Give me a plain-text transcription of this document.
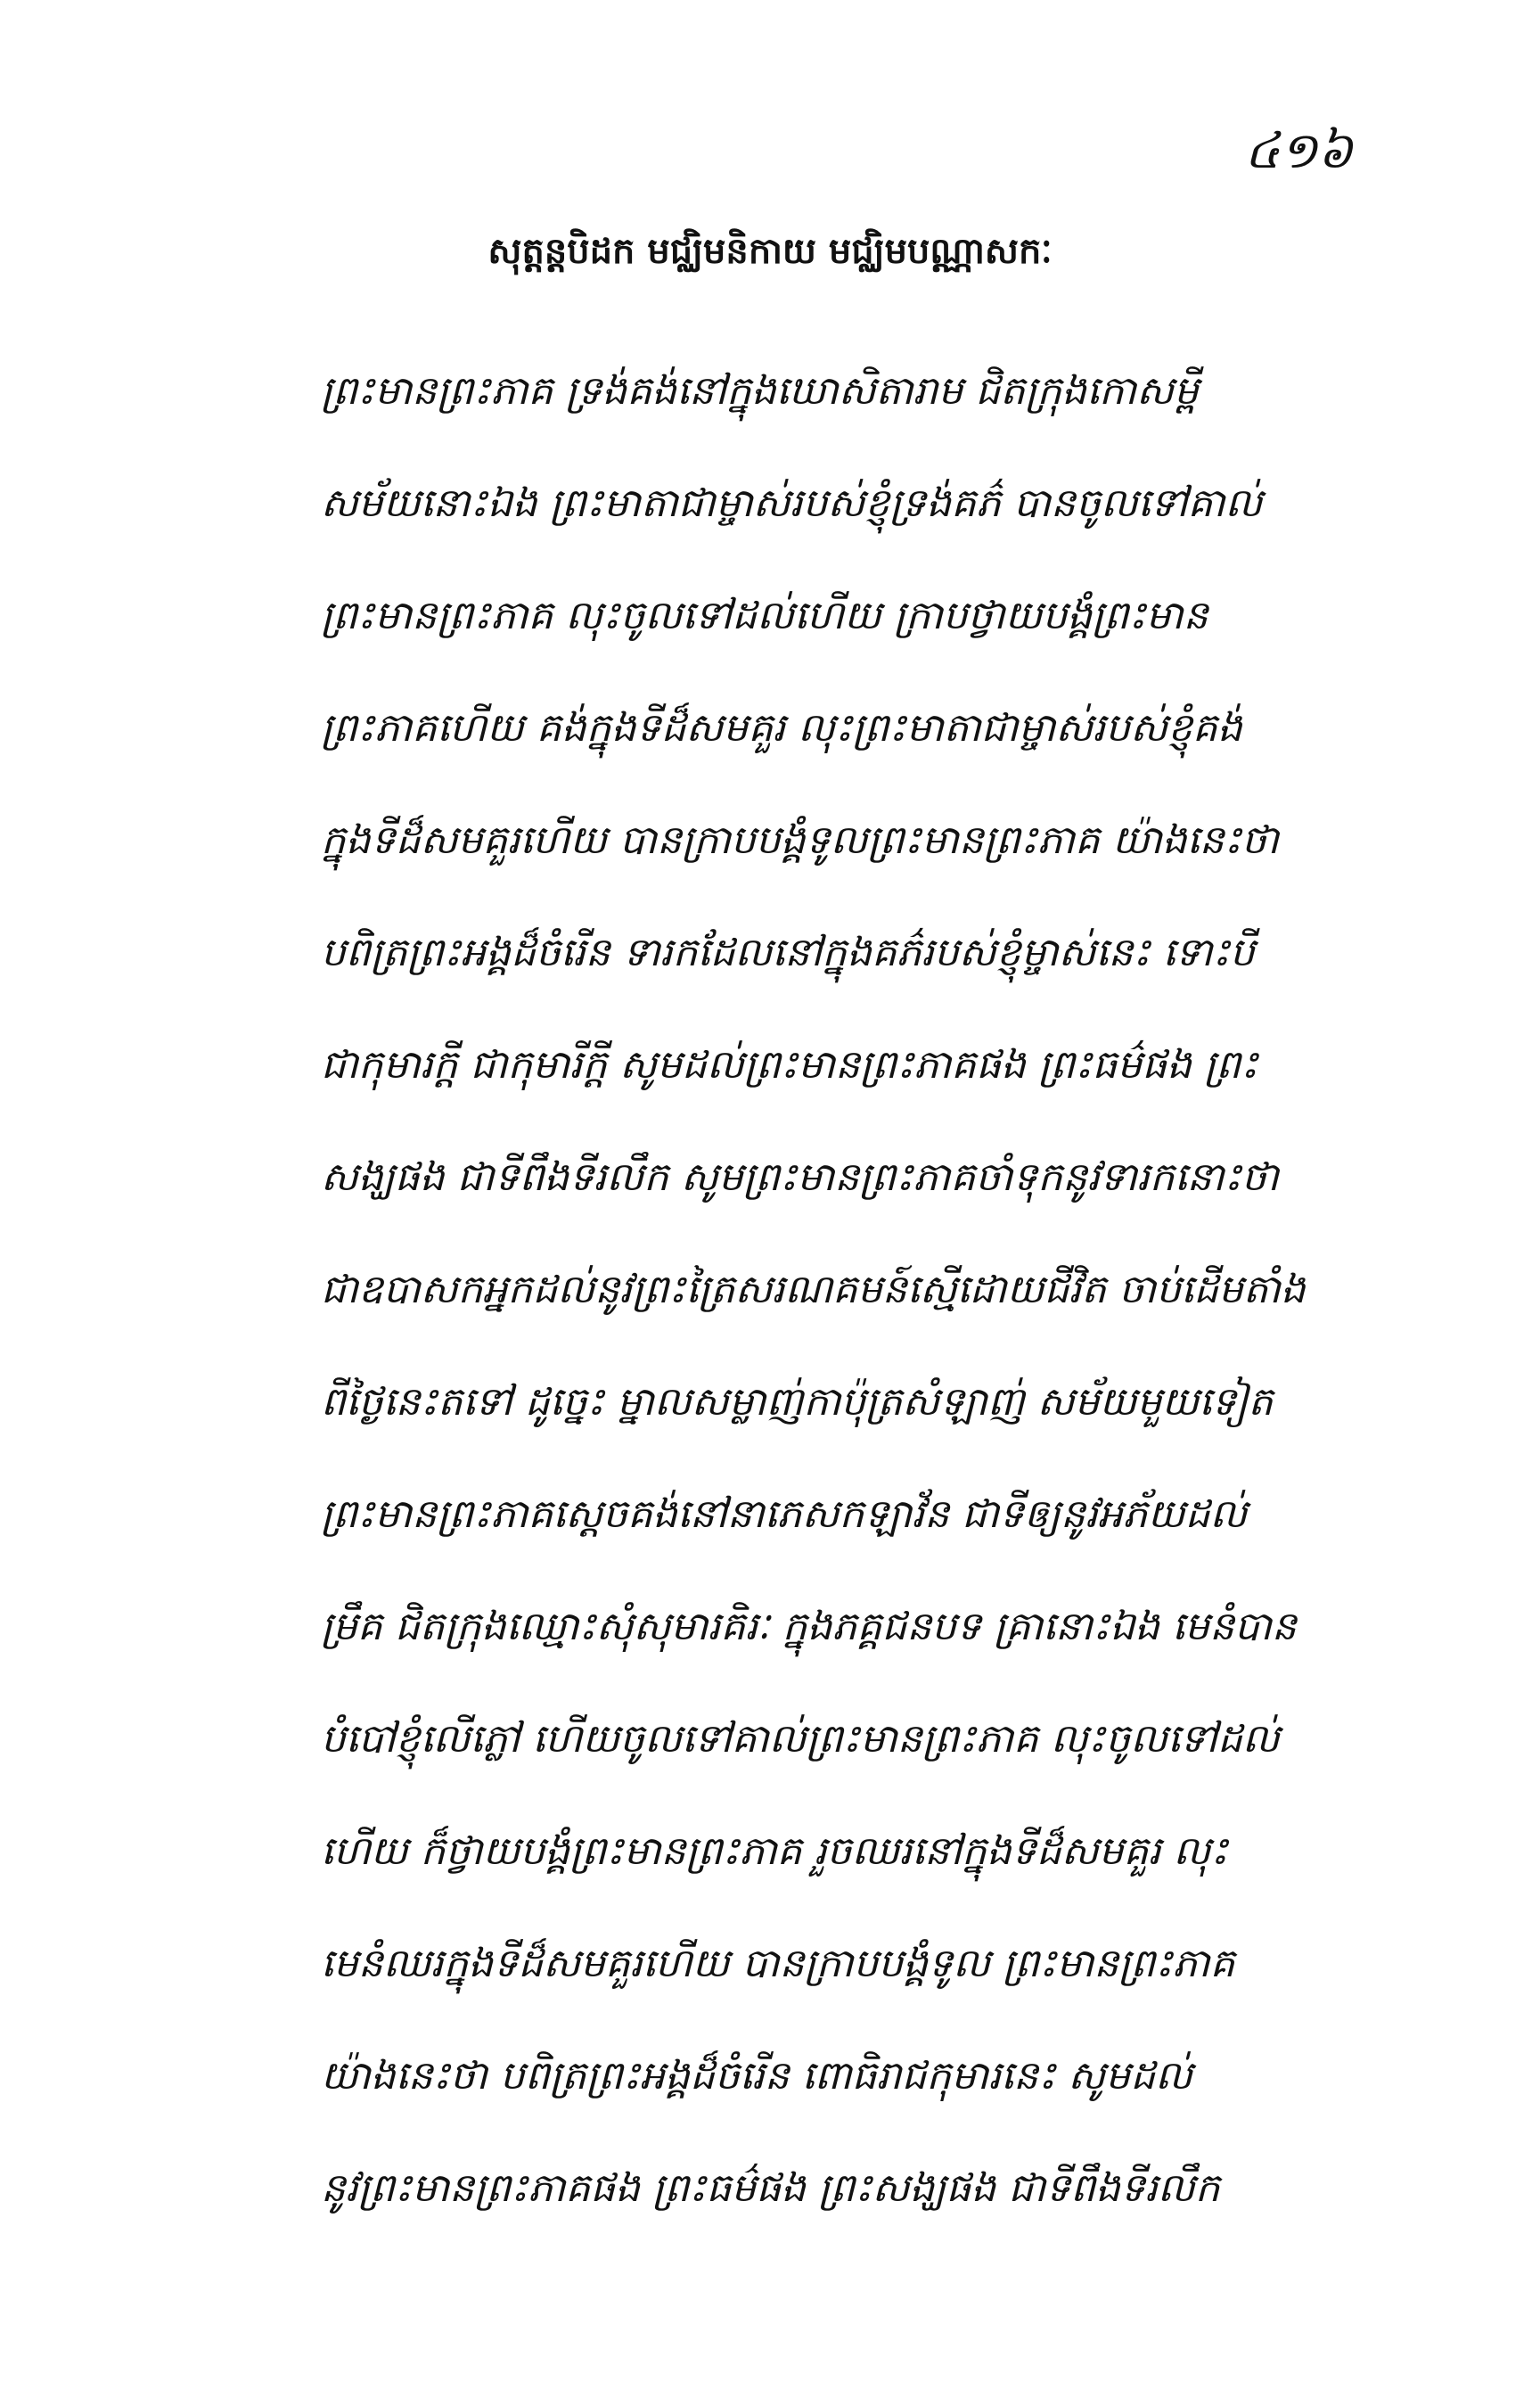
៤១៦
សុត្តន្តបិដក មជ្ឈិមនិកាយ មជ្ឈិមបណ្ណាសកៈ
ព្រះមានព្រះភាគ ទ្រង់គង់នៅក្នុងឃោសិតារាម ជិតក្រុងកោសម្ពី
សម័យនោះឯង ព្រះមាតាជាម្ចាស់របស់ខ្ញុំទ្រង់គភ៌ បានចូលទៅគាល់
ព្រះមានព្រះភាគ លុះចូលទៅដល់ហើយ ក្រាបថ្វាយបង្គំព្រះមាន
ព្រះភាគហើយ គង់ក្នុងទីដ៏សមគួរ លុះព្រះមាតាជាម្ចាស់របស់ខ្ញុំគង់
ក្នុងទីដ៏សមគួរហើយ បានក្រាបបង្គំទូលព្រះមានព្រះភាគ យ៉ាងនេះថា
បពិត្រព្រះអង្គដ៏ចំរើន ទារកដែលនៅក្នុងគភ៌របស់ខ្ញុំម្ចាស់នេះ ទោះបី
ជាកុមារក្តី ជាកុមារីក្តី សូមដល់ព្រះមានព្រះភាគផង ព្រះធម៌ផង ព្រះ
សង្ឃផង ជាទីពឹងទីរលឹក សូមព្រះមានព្រះភាគចាំទុកនូវទារកនោះថា
ជាឧបាសកអ្នកដល់នូវព្រះត្រៃសរណគមន៍ស្មើដោយជីវិត ចាប់ដើមតាំង
ពីថ្ងៃនេះតទៅ ដូច្នេះ ម្នាលសម្លាញ់កាប៉ុត្រសំឡាញ់ សម័យមួយទៀត
ព្រះមានព្រះភាគស្តេចគង់នៅនាភេសកឡាវ័ន ជាទីឲ្យនូវអភ័យដល់
ម្រឹគ ជិតក្រុងឈ្មោះសុំសុមារគិរៈ ក្នុងភគ្គជនបទ គ្រានោះឯង មេនំបាន
បំបៅខ្ញុំលើភ្លៅ ហើយចូលទៅគាល់ព្រះមានព្រះភាគ លុះចូលទៅដល់
ហើយ ក៏ថ្វាយបង្គំព្រះមានព្រះភាគ រួចឈរនៅក្នុងទីដ៏សមគួរ លុះ
មេនំឈរក្នុងទីដ៏សមគួរហើយ បានក្រាបបង្គំទូល ព្រះមានព្រះភាគ
យ៉ាងនេះថា បពិត្រព្រះអង្គដ៏ចំរើន ពោធិរាជកុមារនេះ សូមដល់
នូវព្រះមានព្រះភាគផង ព្រះធម៌ផង ព្រះសង្ឃផង ជាទីពឹងទីរលឹក
